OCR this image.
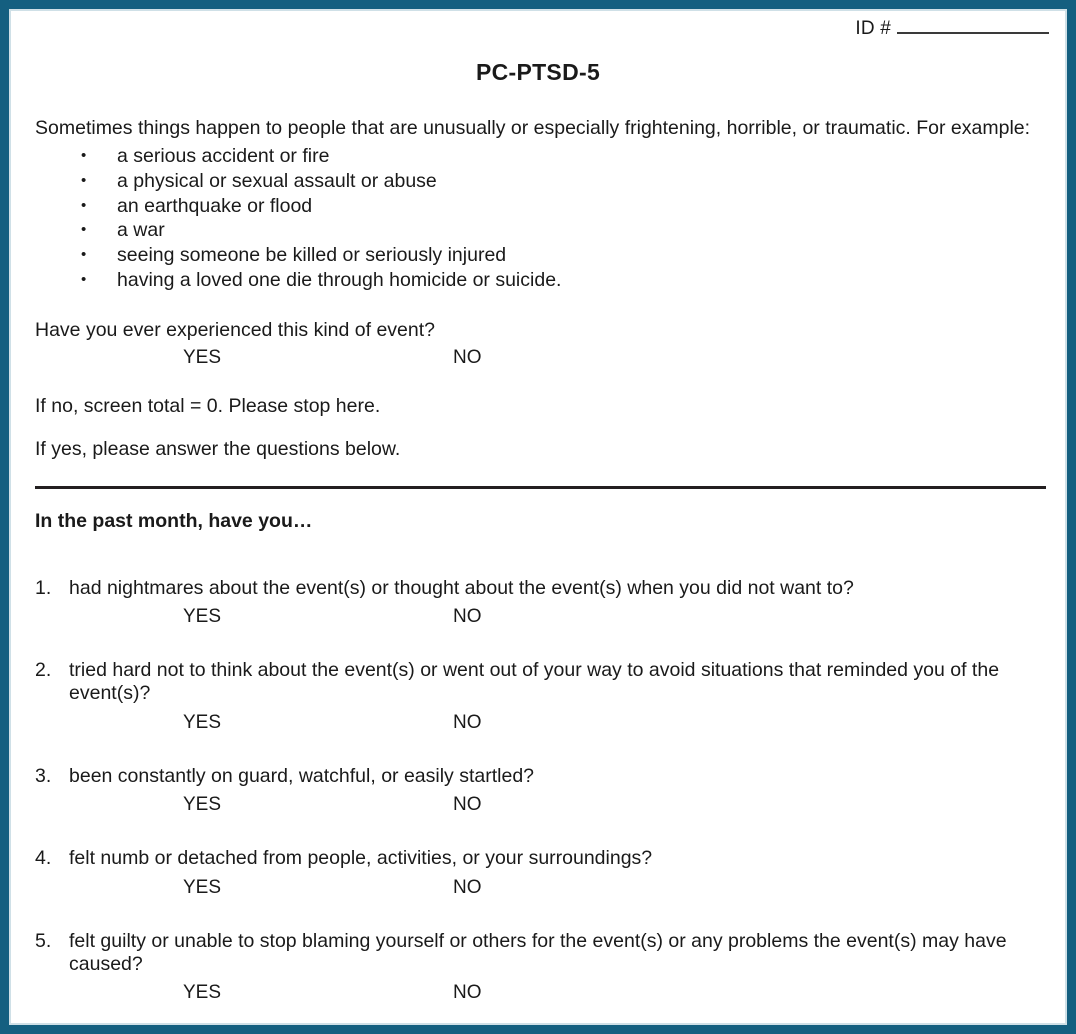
ID #
PC-PTSD-5
Sometimes things happen to people that are unusually or especially frightening, horrible, or traumatic. For example:
• a serious accident or fire
• a physical or sexual assault or abuse
• an earthquake or flood
• a war
• seeing someone be killed or seriously injured
• having a loved one die through homicide or suicide.
Have you ever experienced this kind of event?
YES	NO
If no, screen total = 0. Please stop here.
If yes, please answer the questions below.
In the past month, have you…
1. had nightmares about the event(s) or thought about the event(s) when you did not want to?
YES	NO
2. tried hard not to think about the event(s) or went out of your way to avoid situations that reminded you of the event(s)?
YES	NO
3. been constantly on guard, watchful, or easily startled?
YES	NO
4. felt numb or detached from people, activities, or your surroundings?
YES	NO
5. felt guilty or unable to stop blaming yourself or others for the event(s) or any problems the event(s) may have caused?
YES	NO
